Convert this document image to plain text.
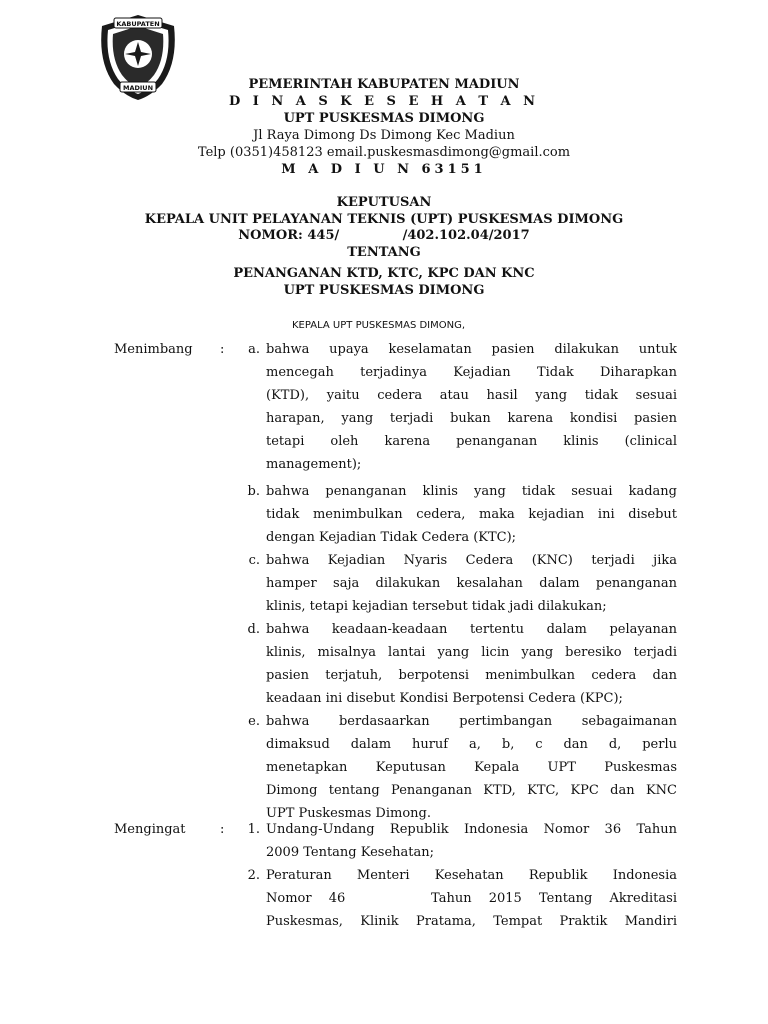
KABUPATEN
MADIUN	PEMERINTAH KABUPATEN MADIUN
D I N A S K E S E H A T A N
UPT PUSKESMAS DIMONG
Jl Raya Dimong Ds Dimong Kec Madiun
Telp (0351)458123 email.puskesmasdimong@gmail.com
M A D I U N 63151
KEPUTUSAN
KEPALA UNIT PELAYANAN TEKNIS (UPT) PUSKESMAS DIMONG
NOMOR: 445/              /402.102.04/2017
TENTANG
PENANGANAN KTD, KTC, KPC DAN KNC
UPT PUSKESMAS DIMONG
KEPALA UPT PUSKESMAS DIMONG,
Menimbang :	a. bahwa upaya keselamatan pasien dilakukan untuk
mencegah terjadinya Kejadian Tidak Diharapkan
(KTD), yaitu cedera atau hasil yang tidak sesuai
harapan, yang terjadi bukan karena kondisi pasien
tetapi oleh karena penanganan klinis (clinical
management);
b. bahwa penanganan klinis yang tidak sesuai kadang
tidak menimbulkan cedera, maka kejadian ini disebut
dengan Kejadian Tidak Cedera (KTC);
c. bahwa Kejadian Nyaris Cedera (KNC) terjadi jika
hamper saja dilakukan kesalahan dalam penanganan
klinis, tetapi kejadian tersebut tidak jadi dilakukan;
d. bahwa keadaan-keadaan tertentu dalam pelayanan
klinis, misalnya lantai yang licin yang beresiko terjadi
pasien terjatuh, berpotensi menimbulkan cedera dan
keadaan ini disebut Kondisi Berpotensi Cedera (KPC);
e. bahwa berdasaarkan pertimbangan sebagaimanan
dimaksud dalam huruf a, b, c dan d, perlu
menetapkan Keputusan Kepala UPT Puskesmas
Dimong tentang Penanganan KTD, KTC, KPC dan KNC
UPT Puskesmas Dimong.
Mengingat	:	1. Undang-Undang Republik Indonesia Nomor 36 Tahun
2009 Tentang Kesehatan;
2. Peraturan Menteri Kesehatan Republik Indonesia
Nomor 46     Tahun 2015 Tentang Akreditasi
Puskesmas, Klinik Pratama, Tempat Praktik Mandiri
